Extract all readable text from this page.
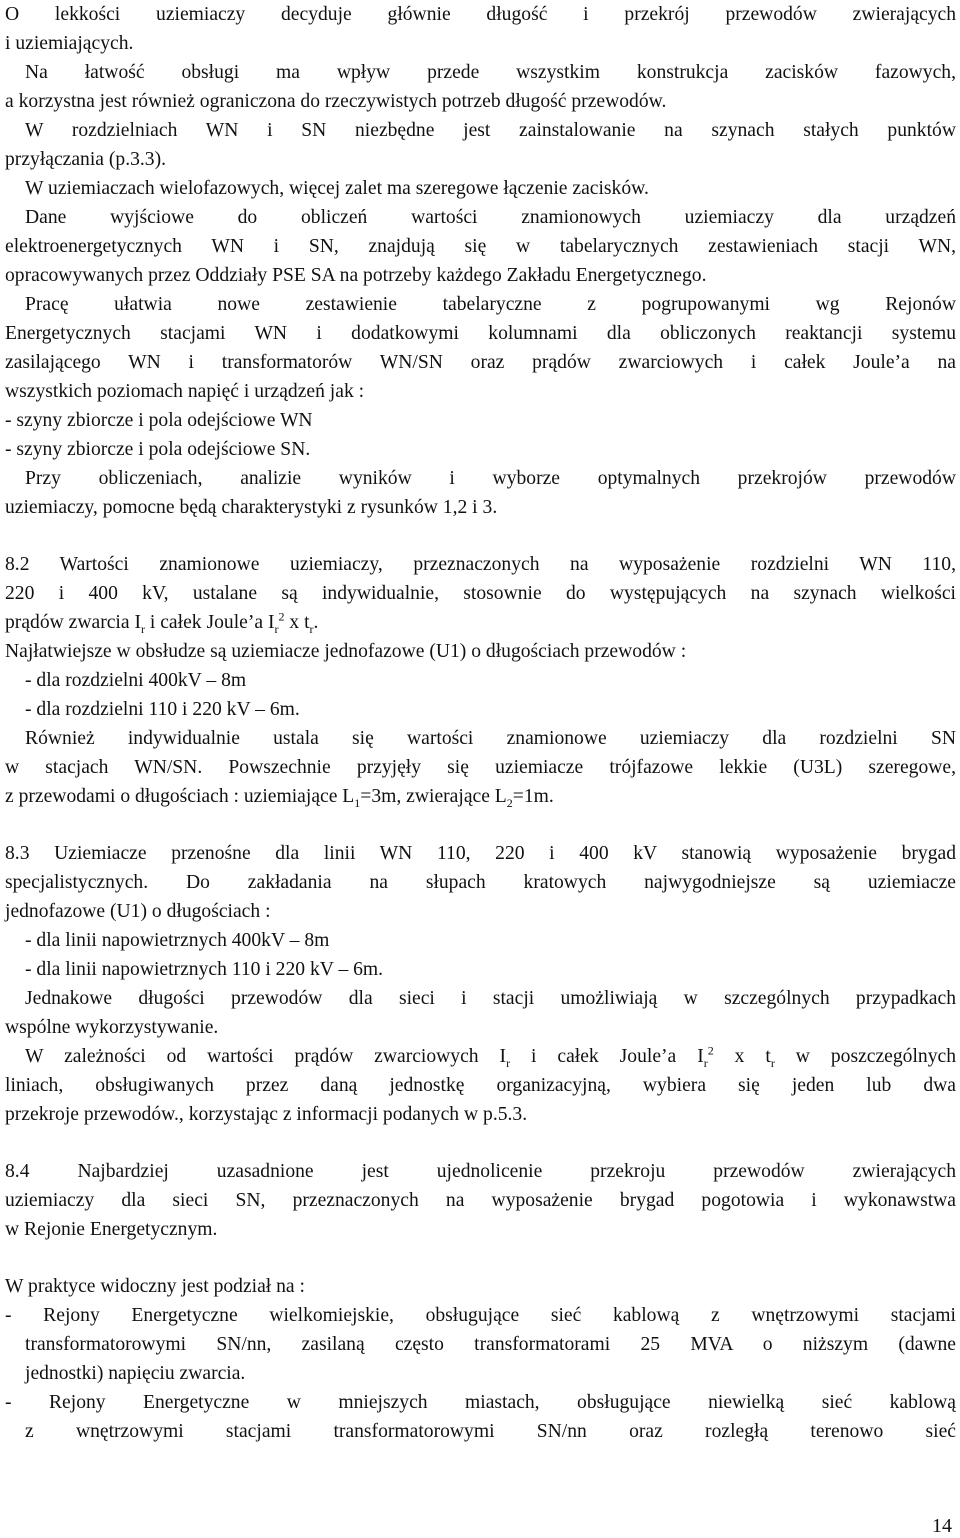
O lekkości uziemiaczy decyduje głównie długość i przekrój przewodów zwierających
i uziemiających.
Na łatwość obsługi ma wpływ przede wszystkim konstrukcja zacisków fazowych,
a korzystna jest również ograniczona do rzeczywistych potrzeb długość przewodów.
W rozdzielniach WN i SN niezbędne jest zainstalowanie na szynach stałych punktów
przyłączania (p.3.3).
W uziemiaczach wielofazowych, więcej zalet ma szeregowe łączenie zacisków.
Dane wyjściowe do obliczeń wartości znamionowych uziemiaczy dla urządzeń
elektroenergetycznych WN i SN, znajdują się w tabelarycznych zestawieniach stacji WN,
opracowywanych przez Oddziały PSE SA na potrzeby każdego Zakładu Energetycznego.
Pracę ułatwia nowe zestawienie tabelaryczne z pogrupowanymi wg Rejonów
Energetycznych stacjami WN i dodatkowymi kolumnami dla obliczonych reaktancji systemu
zasilającego WN i transformatorów WN/SN oraz prądów zwarciowych i całek Joule’a na
wszystkich poziomach napięć i urządzeń jak :
- szyny zbiorcze i pola odejściowe WN
- szyny zbiorcze i pola odejściowe SN.
Przy obliczeniach, analizie wyników i wyborze optymalnych przekrojów przewodów
uziemiaczy, pomocne będą charakterystyki z rysunków 1,2 i 3.
8.2 Wartości znamionowe uziemiaczy, przeznaczonych na wyposażenie rozdzielni WN 110,
220 i 400 kV, ustalane są indywidualnie, stosownie do występujących na szynach wielkości
prądów zwarcia $I_r$ i całek Joule’a $I_r^2$ x $t_r$.
Najłatwiejsze w obsłudze są uziemiacze jednofazowe (U1) o długościach przewodów :
- dla rozdzielni 400kV – 8m
- dla rozdzielni 110 i 220 kV – 6m.
Również indywidualnie ustala się wartości znamionowe uziemiaczy dla rozdzielni SN
w stacjach WN/SN. Powszechnie przyjęły się uziemiacze trójfazowe lekkie (U3L) szeregowe,
z przewodami o długościach : uziemiające $L_1=3m$, zwierające $L_2=1m$.
8.3 Uziemiacze przenośne dla linii WN 110, 220 i 400 kV stanowią wyposażenie brygad
specjalistycznych. Do zakładania na słupach kratowych najwygodniejsze są uziemiacze
jednofazowe (U1) o długościach :
- dla linii napowietrznych 400kV – 8m
- dla linii napowietrznych 110 i 220 kV – 6m.
Jednakowe długości przewodów dla sieci i stacji umożliwiają w szczególnych przypadkach
wspólne wykorzystywanie.
W zależności od wartości prądów zwarciowych $I_r$ i całek Joule’a $I_r^2$ x $t_r$ w poszczególnych
liniach, obsługiwanych przez daną jednostkę organizacyjną, wybiera się jeden lub dwa
przekroje przewodów., korzystając z informacji podanych w p.5.3.
8.4 Najbardziej uzasadnione jest ujednolicenie przekroju przewodów zwierających
uziemiaczy dla sieci SN, przeznaczonych na wyposażenie brygad pogotowia i wykonawstwa
w Rejonie Energetycznym.
W praktyce widoczny jest podział na :
- Rejony Energetyczne wielkomiejskie, obsługujące sieć kablową z wnętrzowymi stacjami
transformatorowymi SN/nn, zasilaną często transformatorami 25 MVA o niższym (dawne
jednostki) napięciu zwarcia.
- Rejony Energetyczne w mniejszych miastach, obsługujące niewielką sieć kablową
z wnętrzowymi stacjami transformatorowymi SN/nn oraz rozległą terenowo sieć
14
